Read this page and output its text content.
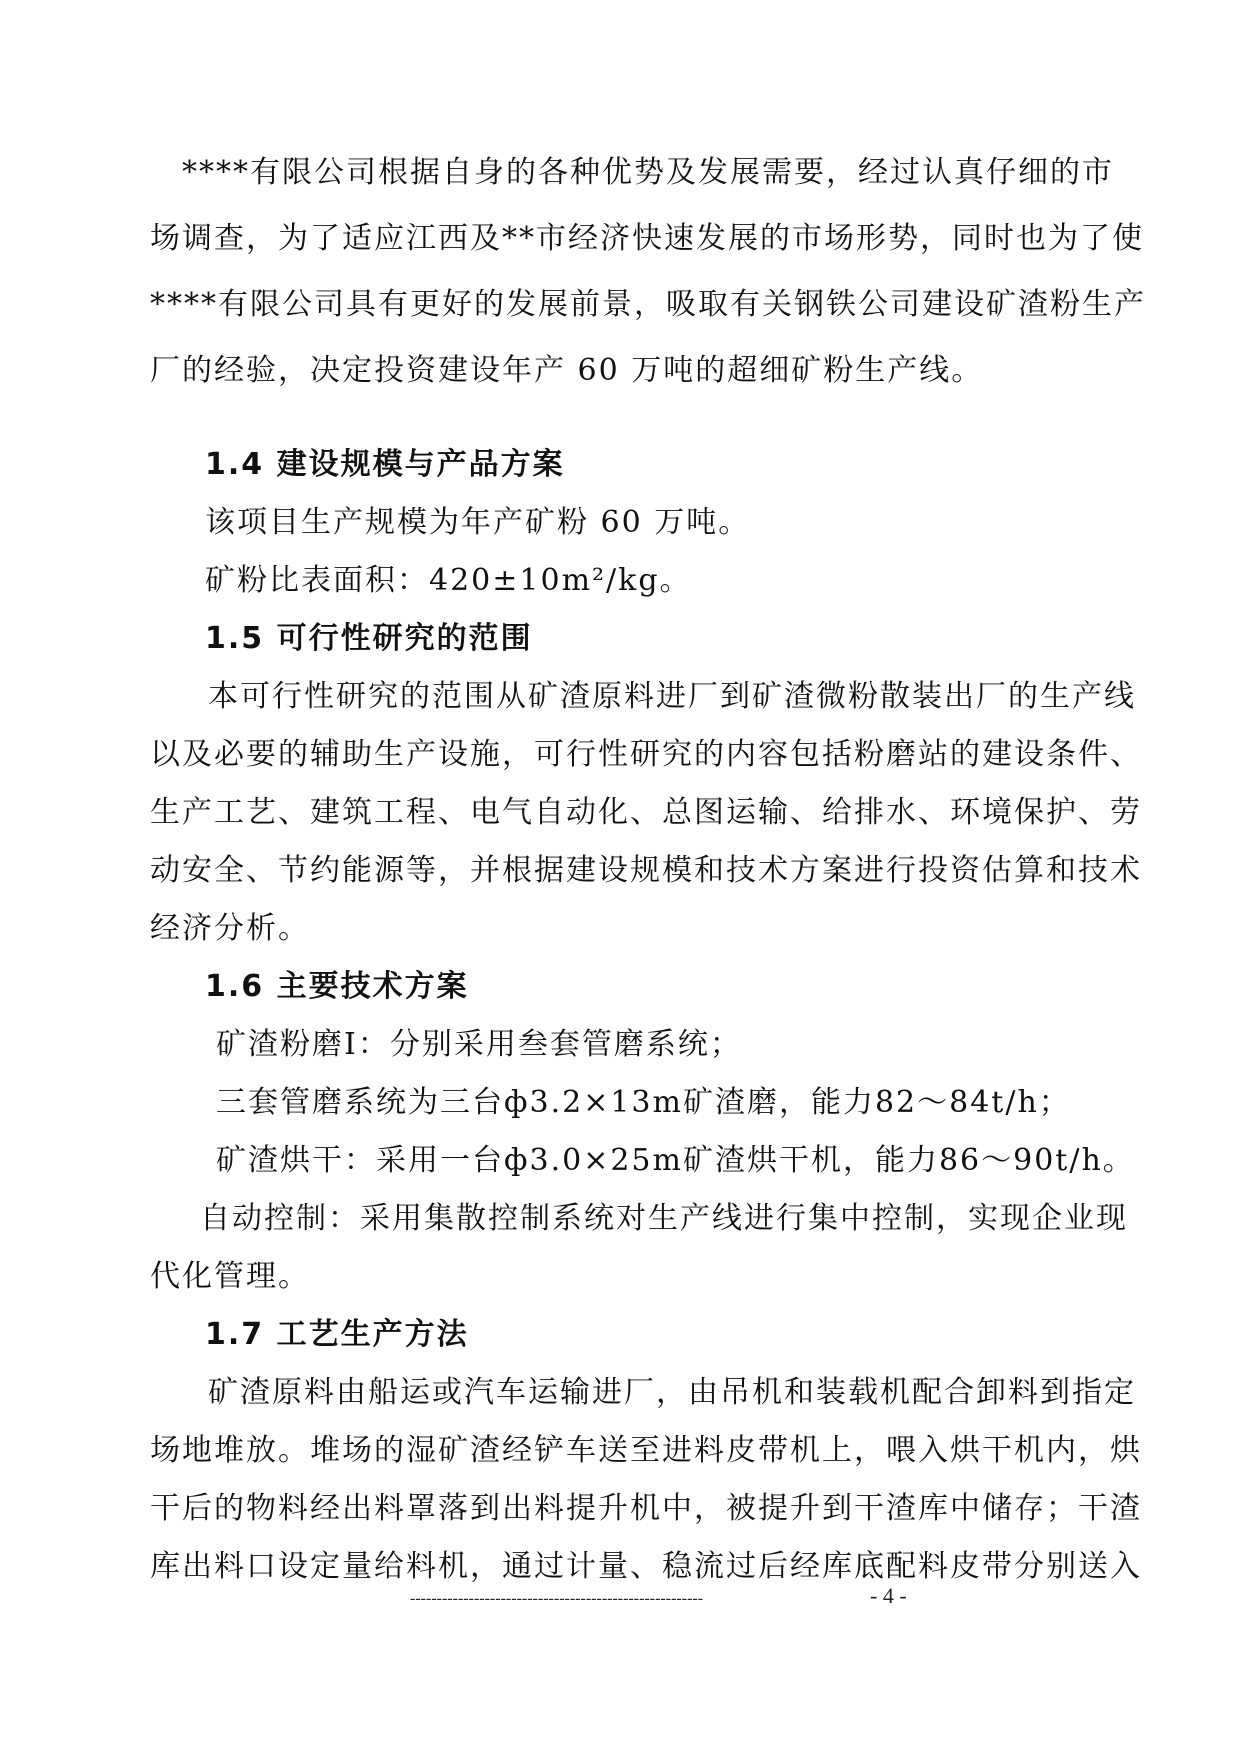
****有限公司根据自身的各种优势及发展需要，经过认真仔细的市
场调查，为了适应江西及**市经济快速发展的市场形势，同时也为了使
****有限公司具有更好的发展前景，吸取有关钢铁公司建设矿渣粉生产
厂的经验，决定投资建设年产 60 万吨的超细矿粉生产线。
1.4 建设规模与产品方案
该项目生产规模为年产矿粉 60 万吨。
矿粉比表面积：420±10m²/kg。
1.5 可行性研究的范围
本可行性研究的范围从矿渣原料进厂到矿渣微粉散装出厂的生产线
以及必要的辅助生产设施，可行性研究的内容包括粉磨站的建设条件、
生产工艺、建筑工程、电气自动化、总图运输、给排水、环境保护、劳
动安全、节约能源等，并根据建设规模和技术方案进行投资估算和技术
经济分析。
1.6 主要技术方案
矿渣粉磨I：分别采用叁套管磨系统；
三套管磨系统为三台ф3.2×13m矿渣磨，能力82～84t/h；
矿渣烘干：采用一台ф3.0×25m矿渣烘干机，能力86～90t/h。
自动控制：采用集散控制系统对生产线进行集中控制，实现企业现
代化管理。
1.7 工艺生产方法
矿渣原料由船运或汽车运输进厂，由吊机和装载机配合卸料到指定
场地堆放。堆场的湿矿渣经铲车送至进料皮带机上，喂入烘干机内，烘
干后的物料经出料罩落到出料提升机中，被提升到干渣库中储存；干渣
库出料口设定量给料机，通过计量、稳流过后经库底配料皮带分别送入
-------------------------------------------------------	- 4 -
